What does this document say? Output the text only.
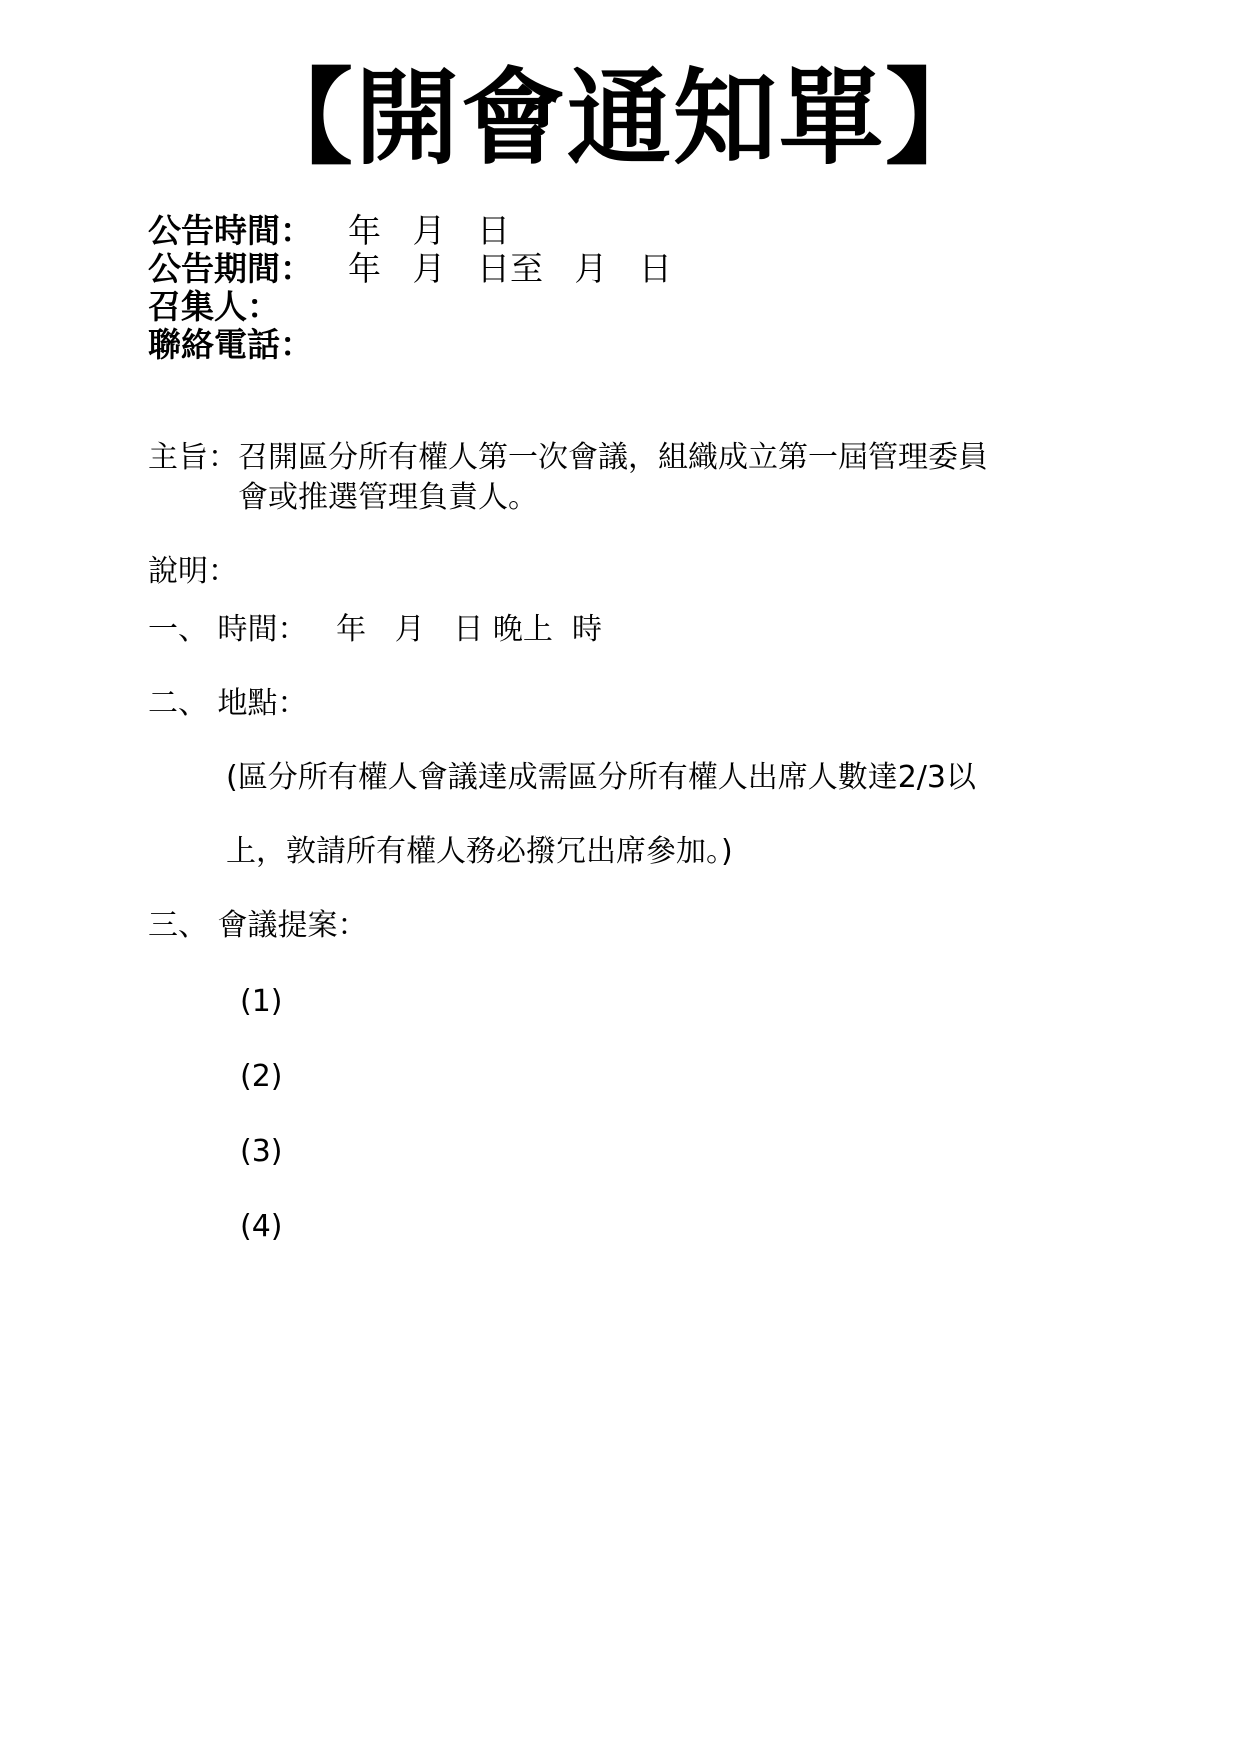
【開會通知單】
公告時間： 年   月   日
公告期間： 年   月   日至   月   日
召集人：
聯絡電話：
主旨：召開區分所有權人第一次會議，組織成立第一屆管理委員
會或推選管理負責人。
說明：
一、 時間：   年   月   日 晚上  時
二、 地點：
(區分所有權人會議達成需區分所有權人出席人數達2/3以
上，敦請所有權人務必撥冗出席參加。)
三、 會議提案：
(1)
(2)
(3)
(4)
